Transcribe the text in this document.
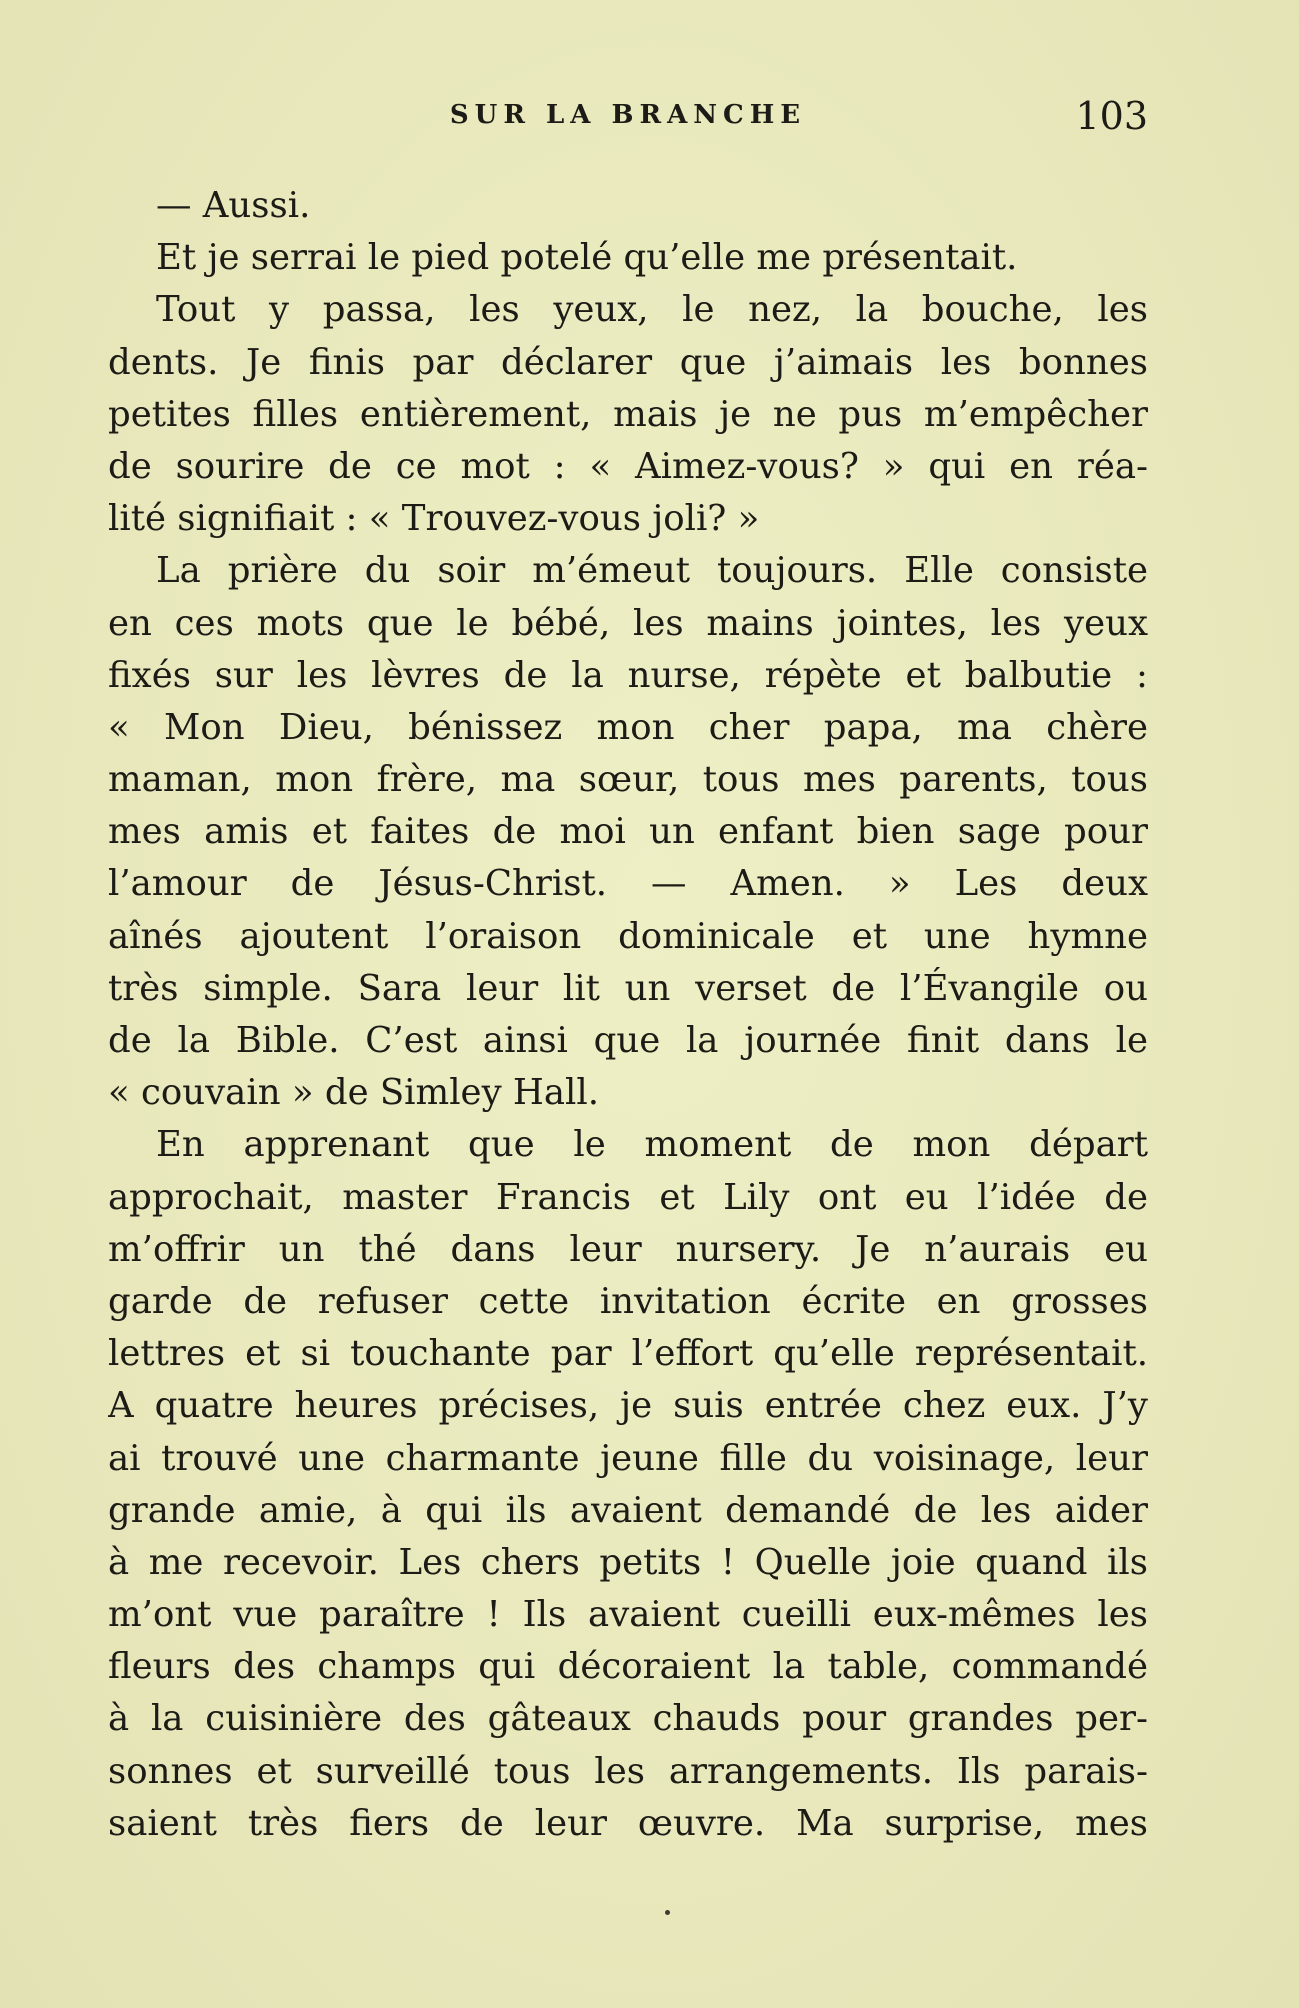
SUR LA BRANCHE	103
— Aussi.
Et je serrai le pied potelé qu’elle me présentait.
Tout y passa, les yeux, le nez, la bouche, les
dents. Je finis par déclarer que j’aimais les bonnes
petites filles entièrement, mais je ne pus m’empêcher
de sourire de ce mot : « Aimez-vous? » qui en réa-
lité signifiait : « Trouvez-vous joli? »
La prière du soir m’émeut toujours. Elle consiste
en ces mots que le bébé, les mains jointes, les yeux
fixés sur les lèvres de la nurse, répète et balbutie :
« Mon Dieu, bénissez mon cher papa, ma chère
maman, mon frère, ma sœur, tous mes parents, tous
mes amis et faites de moi un enfant bien sage pour
l’amour de Jésus-Christ. — Amen. » Les deux
aînés ajoutent l’oraison dominicale et une hymne
très simple. Sara leur lit un verset de l’Évangile ou
de la Bible. C’est ainsi que la journée finit dans le
« couvain » de Simley Hall.
En apprenant que le moment de mon départ
approchait, master Francis et Lily ont eu l’idée de
m’offrir un thé dans leur nursery. Je n’aurais eu
garde de refuser cette invitation écrite en grosses
lettres et si touchante par l’effort qu’elle représentait.
A quatre heures précises, je suis entrée chez eux. J’y
ai trouvé une charmante jeune fille du voisinage, leur
grande amie, à qui ils avaient demandé de les aider
à me recevoir. Les chers petits ! Quelle joie quand ils
m’ont vue paraître ! Ils avaient cueilli eux-mêmes les
fleurs des champs qui décoraient la table, commandé
à la cuisinière des gâteaux chauds pour grandes per-
sonnes et surveillé tous les arrangements. Ils parais-
saient très fiers de leur œuvre. Ma surprise, mes
